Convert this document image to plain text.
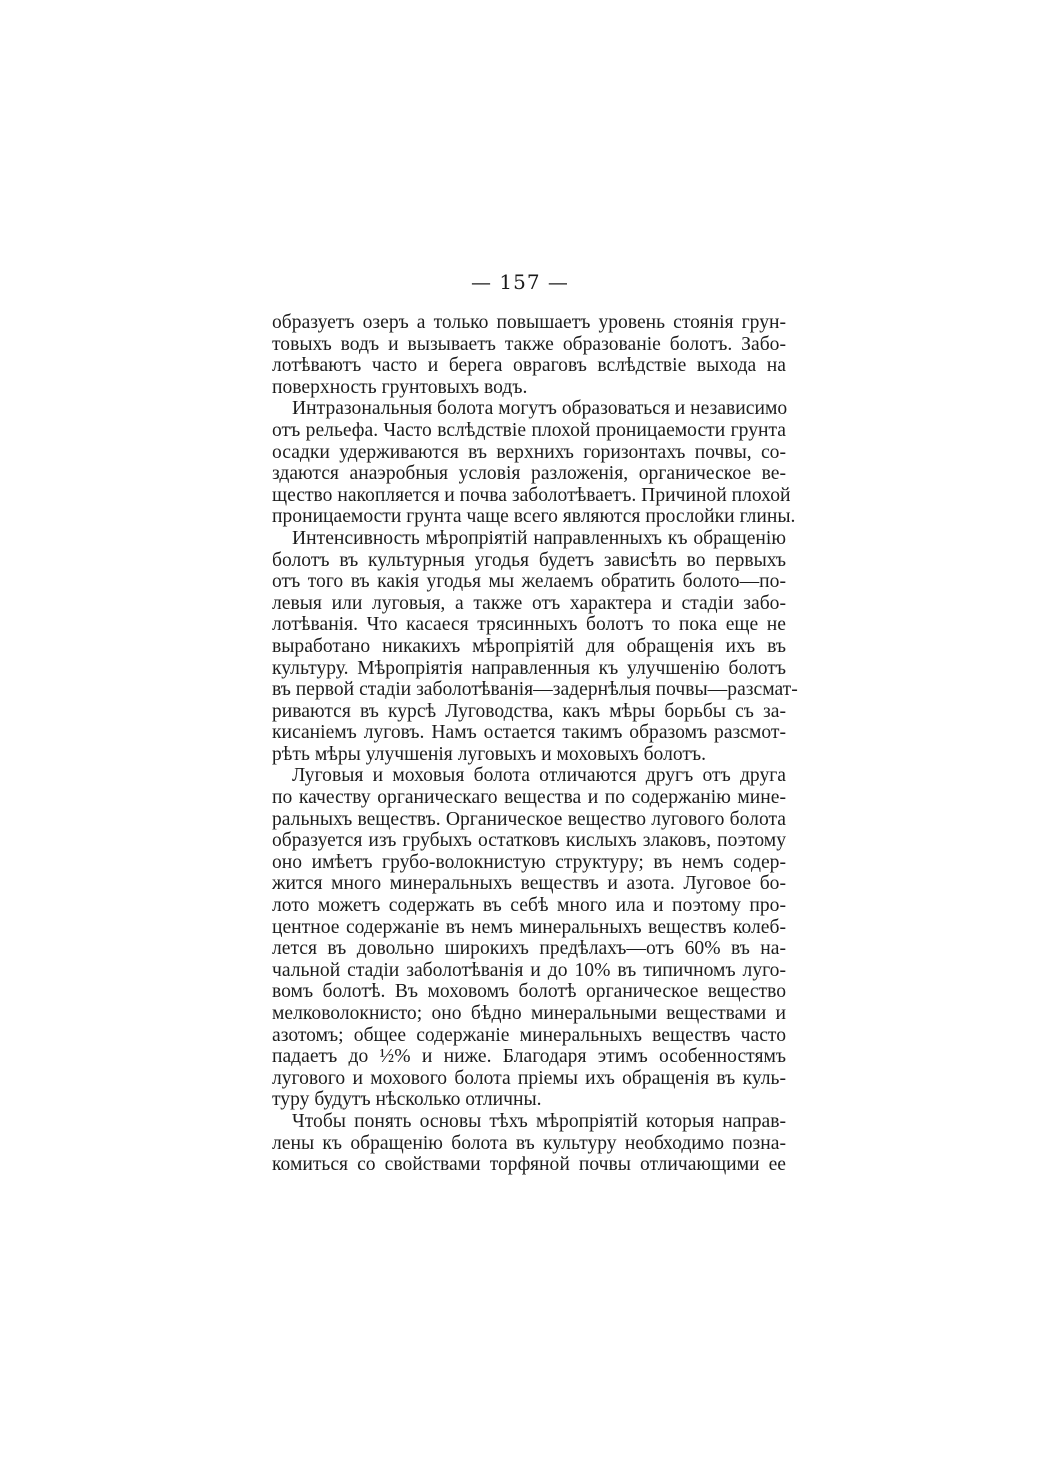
— 157 —
образуетъ озеръ а только повышаетъ уровень стоянія грун-
товыхъ водъ и вызываетъ также образованіе болотъ. Забо-
лотѣваютъ часто и берега овраговъ вслѣдствіе выхода на
поверхность грунтовыхъ водъ.
Интразональныя болота могутъ образоваться и независимо
отъ рельефа. Часто вслѣдствіе плохой проницаемости грунта
осадки удерживаются въ верхнихъ горизонтахъ почвы, со-
здаются анаэробныя условія разложенія, органическое ве-
щество накопляется и почва заболотѣваетъ. Причиной плохой
проницаемости грунта чаще всего являются прослойки глины.
Интенсивность мѣропріятій направленныхъ къ обращенію
болотъ въ культурныя угодья будетъ зависѣть во первыхъ
отъ того въ какія угодья мы желаемъ обратить болото—по-
левыя или луговыя, а также отъ характера и стадіи забо-
лотѣванія. Что касаеся трясинныхъ болотъ то пока еще не
выработано никакихъ мѣропріятій для обращенія ихъ въ
культуру. Мѣропріятія направленныя къ улучшенію болотъ
въ первой стадіи заболотѣванія—задернѣлыя почвы—разсмат-
риваются въ курсѣ Луговодства, какъ мѣры борьбы съ за-
кисаніемъ луговъ. Намъ остается такимъ образомъ разсмот-
рѣть мѣры улучшенія луговыхъ и моховыхъ болотъ.
Луговыя и моховыя болота отличаются другъ отъ друга
по качеству органическаго вещества и по содержанію мине-
ральныхъ веществъ. Органическое вещество лугового болота
образуется изъ грубыхъ остатковъ кислыхъ злаковъ, поэтому
оно имѣетъ грубо-волокнистую структуру; въ немъ содер-
жится много минеральныхъ веществъ и азота. Луговое бо-
лото можетъ содержать въ себѣ много ила и поэтому про-
центное содержаніе въ немъ минеральныхъ веществъ колеб-
лется въ довольно широкихъ предѣлахъ—отъ 60% въ на-
чальной стадіи заболотѣванія и до 10% въ типичномъ луго-
вомъ болотѣ. Въ моховомъ болотѣ органическое вещество
мелковолокнисто; оно бѣдно минеральными веществами и
азотомъ; общее содержаніе минеральныхъ веществъ часто
падаетъ до ½% и ниже. Благодаря этимъ особенностямъ
лугового и мохового болота пріемы ихъ обращенія въ куль-
туру будутъ нѣсколько отличны.
Чтобы понять основы тѣхъ мѣропріятій которыя направ-
лены къ обращенію болота въ культуру необходимо позна-
комиться со свойствами торфяной почвы отличающими ее
